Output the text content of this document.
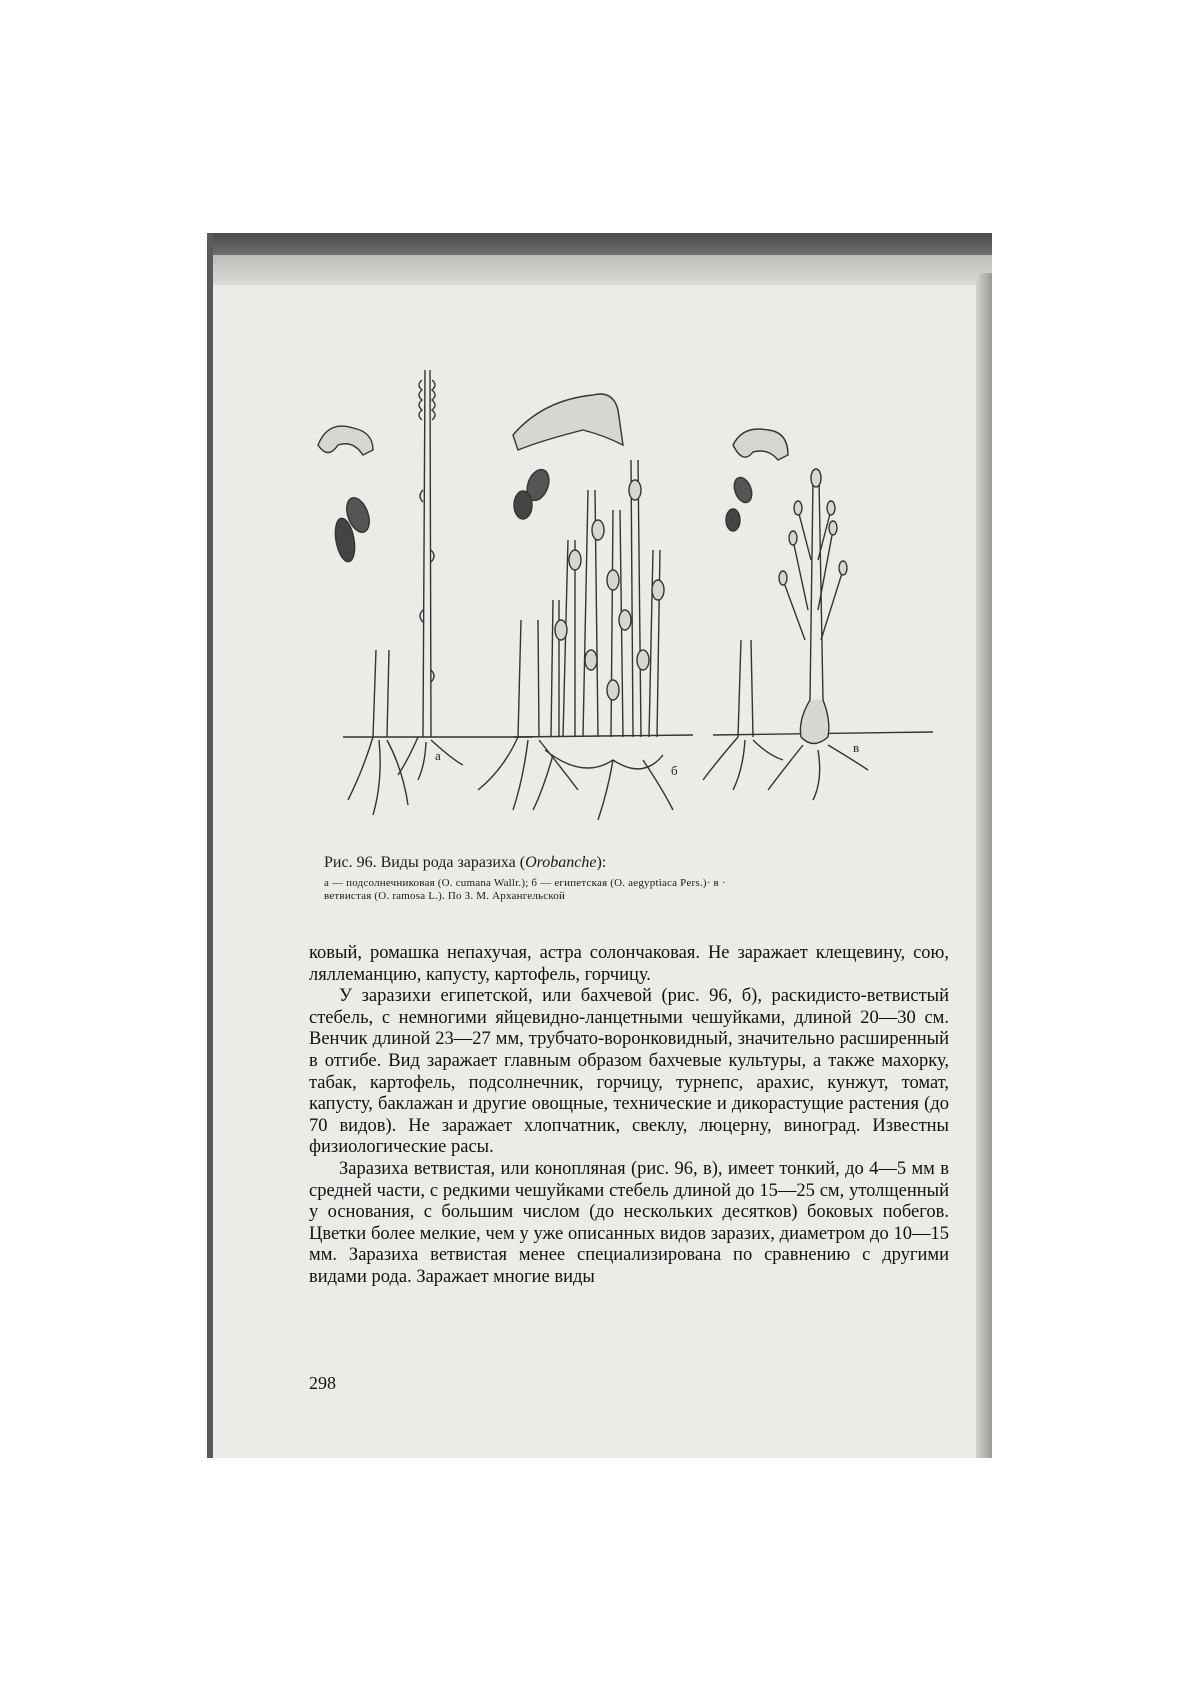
а
б
в
Рис. 96. Виды рода заразиха (Orobanche):
а — подсолнечниковая (O. cumana Wallr.); б — египетская (O. aegyptiaca Pers.)· в ·
ветвистая (O. ramosa L.). По З. М. Архангельской

ковый, ромашка непахучая, астра солончаковая. Не заражает клещевину, сою, ляллеманцию, капусту, картофель, горчицу.

У заразихи египетской, или бахчевой (рис. 96, б), раскидисто-ветвистый стебель, с немногими яйцевидно-ланцетными чешуйками, длиной 20—30 см. Венчик длиной 23—27 мм, трубчато-воронковидный, значительно расширенный в отгибе. Вид заражает главным образом бахчевые культуры, а также махорку, табак, картофель, подсолнечник, горчицу, турнепс, арахис, кунжут, томат, капусту, баклажан и другие овощные, технические и дикорастущие растения (до 70 видов). Не заражает хлопчатник, свеклу, люцерну, виноград. Известны физиологические расы.

Заразиха ветвистая, или конопляная (рис. 96, в), имеет тонкий, до 4—5 мм в средней части, с редкими чешуйками стебель длиной до 15—25 см, утолщенный у основания, с большим числом (до нескольких десятков) боковых побегов. Цветки более мелкие, чем у уже описанных видов заразих, диаметром до 10—15 мм. Заразиха ветвистая менее специализирована по сравнению с другими видами рода. Заражает многие виды

298
